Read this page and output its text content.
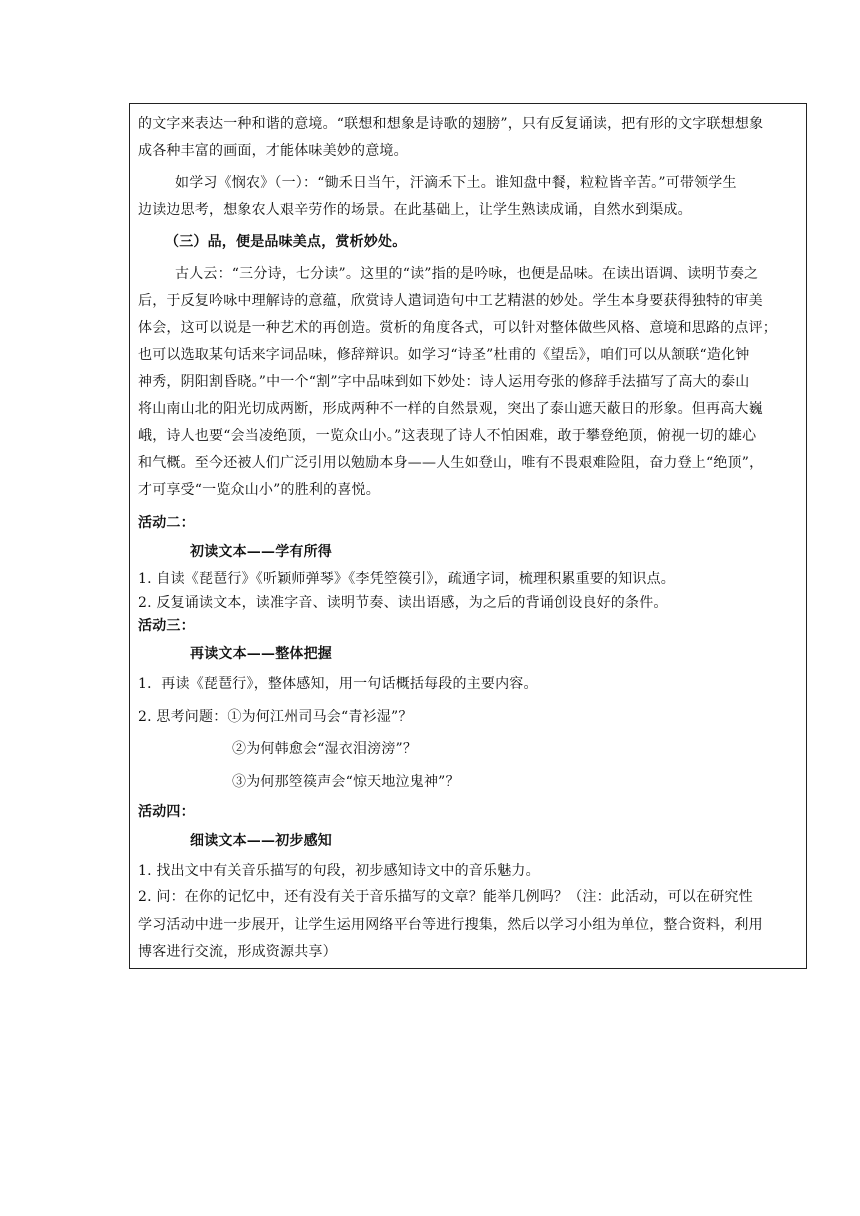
的文字来表达一种和谐的意境。“联想和想象是诗歌的翅膀”，只有反复诵读，把有形的文字联想想象
成各种丰富的画面，才能体味美妙的意境。
如学习《悯农》（一）：“锄禾日当午，汗滴禾下土。谁知盘中餐，粒粒皆辛苦。”可带领学生
边读边思考，想象农人艰辛劳作的场景。在此基础上，让学生熟读成诵，自然水到渠成。
（三）品，便是品味美点，赏析妙处。
古人云：“三分诗，七分读”。这里的“读”指的是吟咏，也便是品味。在读出语调、读明节奏之
后，于反复吟咏中理解诗的意蕴，欣赏诗人遣词造句中工艺精湛的妙处。学生本身要获得独特的审美
体会，这可以说是一种艺术的再创造。赏析的角度各式，可以针对整体做些风格、意境和思路的点评；
也可以选取某句话来字词品味，修辞辩识。如学习“诗圣”杜甫的《望岳》，咱们可以从颔联“造化钟
神秀，阴阳割昏晓。”中一个“割”字中品味到如下妙处：诗人运用夸张的修辞手法描写了高大的泰山
将山南山北的阳光切成两断，形成两种不一样的自然景观，突出了泰山遮天蔽日的形象。但再高大巍
峨，诗人也要“会当凌绝顶，一览众山小。”这表现了诗人不怕困难，敢于攀登绝顶，俯视一切的雄心
和气概。至今还被人们广泛引用以勉励本身——人生如登山，唯有不畏艰难险阻，奋力登上“绝顶”，
才可享受“一览众山小”的胜利的喜悦。
活动二：
初读文本——学有所得
1. 自读《琵琶行》《听颖师弹琴》《李凭箜篌引》，疏通字词，梳理积累重要的知识点。
2. 反复诵读文本，读准字音、读明节奏、读出语感，为之后的背诵创设良好的条件。
活动三：
再读文本——整体把握
1．再读《琵琶行》，整体感知，用一句话概括每段的主要内容。
2. 思考问题：①为何江州司马会“青衫湿”？
②为何韩愈会“湿衣泪滂滂”？
③为何那箜篌声会“惊天地泣鬼神”？
活动四：
细读文本——初步感知
1. 找出文中有关音乐描写的句段，初步感知诗文中的音乐魅力。
2. 问：在你的记忆中，还有没有关于音乐描写的文章？能举几例吗？（注：此活动，可以在研究性
学习活动中进一步展开，让学生运用网络平台等进行搜集，然后以学习小组为单位，整合资料，利用
博客进行交流，形成资源共享）
